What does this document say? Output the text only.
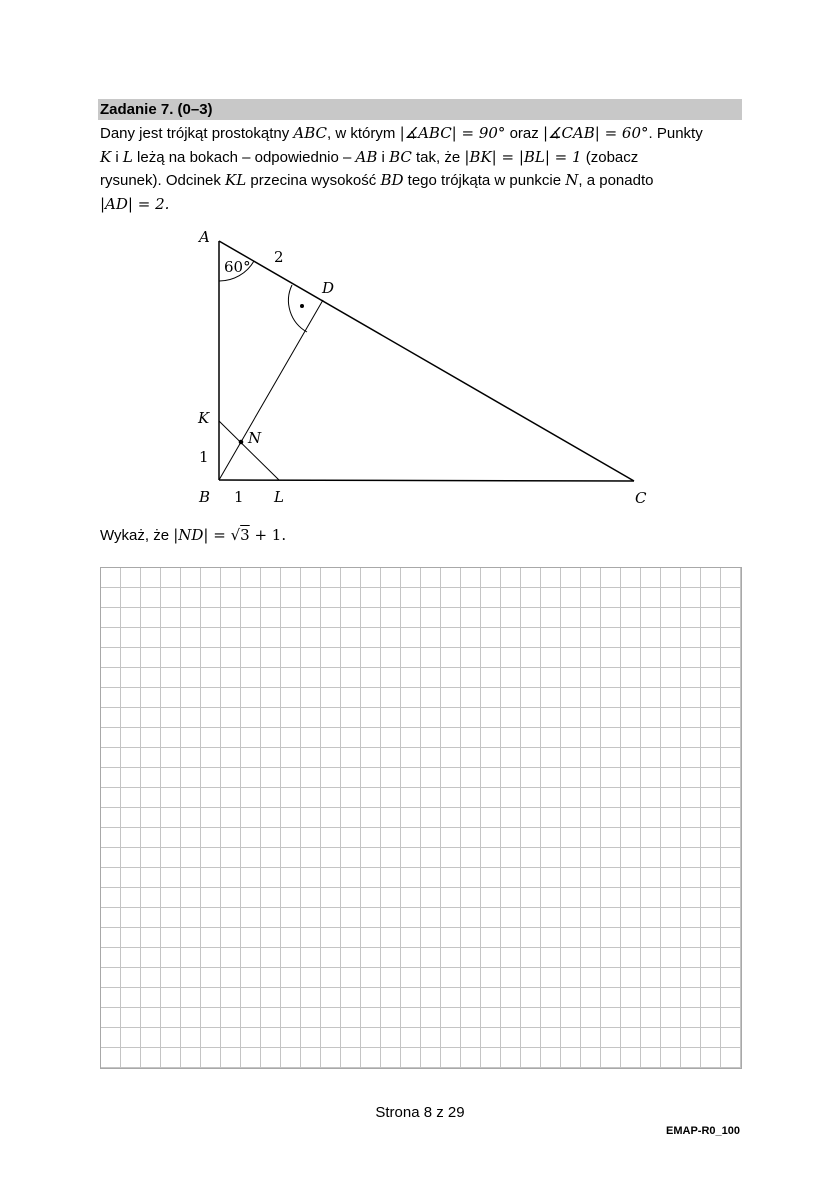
Zadanie 7. (0–3)
Dany jest trójkąt prostokątny ABC, w którym |∡ABC| = 90° oraz |∡CAB| = 60°. Punkty
K i L leżą na bokach – odpowiednio – AB i BC tak, że |BK| = |BL| = 1 (zobacz
rysunek). Odcinek KL przecina wysokość BD tego trójkąta w punkcie N, a ponadto
|AD| = 2.
A
60°
2
D
K
N
1
B 1 L	C
Wykaż, że |ND| = √3 + 1.
Strona 8 z 29
EMAP-R0_100
